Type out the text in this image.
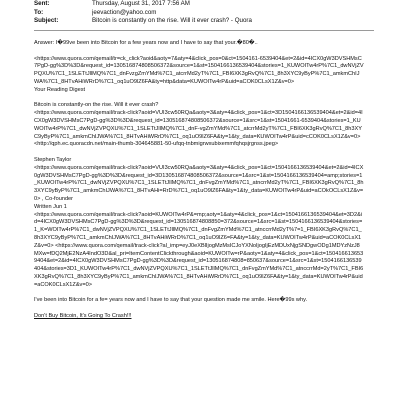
Sent:	Thursday, August 31, 2017 7:56 AM
To:	jeevaction@yahoo.com
Subject:	Bitcoin is constantly on the rise. Will it ever crash? - Quora

Answer: I�99ve been into Bitcoin for a few years now and I have to say that your.�80�..

<https://www.quora.com/qemail/tr=ck_click?aoid&aoty=7&aty=4&click_pos=0&ct=1504161-6539404&et=2&id=4ICX0gW3DVSHMsC7PgD-gg%3D%3D&request_id=130516874808506372&source=1&st=1504166136539404&stories=1_KUWOITw4rP%7C1_dwNVjZVPQXU%7C1_1SLETtJllMQ%7C1_dnFvzgZmYMd%7C1_atcrrMd2yT%7C1_FBI6XK3gRvQ%7C1_8h3XYC9yByP%7C1_amkmChIJWA%7C1_8HTvAHiWRrD%7C1_oq1uO9lZ6FA&ty=http&data=KUWOITw4rP&uid=aCOK0CLsX1Z&v=0>

Your Reading Digest

Bitcoin is constantly-on the rise. Will it ever crash?

<https://www.quora.com/qemail/track-click?aoid=VUI3cw50RQa&aoty=3&aty=4&click_pos=1&ct=3D1504166136539404&et=2&id=4ICX0gW3DVSHMsC7PgD-gg%3D%3D&request_id=130516874808506372&source=1&src=1&st=15041661-6539404&stories=1_KUWOITw4rP%7C1_dwNVjZVPQXU%7C1_1SLETtJllMQ%7C1_dnF-vgZmYMd%7C1_atcrrMd2yT%7C1_FBI6XK3gRvQ%7C1_8h3XYC9yByP%7C1_amkmChIJWA%7C1_8HTvAHiWRrD%7C1_oq1uO9lZ6FA&ty=1&ty_data=KUWOITw4rP&uid=cCOK0CLsX1Z&v=0> <http://qph.ec.quoracdn.net/main-thumb-304645881-50-ufqq-tnbmigrwxubixemmfqhqsjrgnss.jpeg>

Stephen Taylor

<https://www.quora.com/qemail/track-click?aoid=VUI3cw50RQa&aoty=3&aty=4&click_pos=1&ct=1504166136539404&et=2&id=4ICX0gW3DVSHMsC7PgD-gg%3D%3D&request_id=3D130516874808506372&source=1&src=1&st=1504166136539404=amp;stories=1_KUWOITw4rP%7C1_dwNVjZVPQXU%7C1_1SLETtJllMQ%7C1_dnFvgZmYMd%7C1_atncrrMd2yT%7C1_FBI6XK3gRvQ%7C1_8h3XYC9yByP%7C1_amkmChIJWA%7C1_8HTvAHi=RrD%7C1_oq1uO9lZ6FA&ty=1&ty_data=KUWOITw4rP&uid=aCOkOCLsX1Z&v=0> , Co-founder

Written Jun 1

<https://www.quora.com/qemail/track-click?aoid=KUWOITw4rP&=mp;aoty=1&aty=4&click_pos=1&ct=1504166136539404&et=3D2&id=4ICX0gW3DVSHMsC7PgD-gg%3D%3D&request_id=130516874808850=372&source=1&src=1&st=1504166136539404&stories=1_K=WOITw4rP%7C1_dwNVjZVPQXU%7C1_1SLETtJllMQ%7C1_dnFvgZmYMd%7C1_atnccrrMd2yT%7=1_FBI6XK3gRvQ%7C1_8h3XYC9yByP%7C1_amkmChIJWA%7C1_8HTvAHiWRrD%7C1_oq1uO9lZ6=FA&ty=1&ty_data=KUWOITw4rP&uid=aCOK0CLsX1Z&v=0> <https://www.quora.com/qemail/track-click?al_imp=eyJ0eXBlIjogMzMsICJoYXNoIjogIjEzMDUxNjgSNDgwODg1MDYzNzJ8MXw=fDQ2MjE2NzA4IndO3D&al_pri=ItemContentClickthrough&aoid=KUWOITw=rP&aoty=1&aty=4&click_pos=1&ct=1504166136539404&et=2&id=4ICX0gW3DVSHMsC7PgD-gg%3D%3D&request_id=130516874808=850637&source=1&src=1&st=1504166136539404&stories=3D1_KUWOITw4rP%7C1_dwNVjZVPQXU%7C1_1SLETtJllMQ%7C1_dnFvgZmYMd%7C1_atnccrrMd=2yT%7C1_FBI6XK3gRvQ%7C1_8h3XYC9yByP%7C1_amkmChIJWA%7C1_8HTvAHiWRrD%7C1_oq1uO9lZ6FA&ty=1&ty_data=KUWOITw4rP&uid=aCOK0CLsX1Z&v=0>

I've been into Bitcoin for a fe= years now and I have to say that your question made me smile. Here�99s why.

Don't Buy Bitcoin, It's Going To Crash!!!
